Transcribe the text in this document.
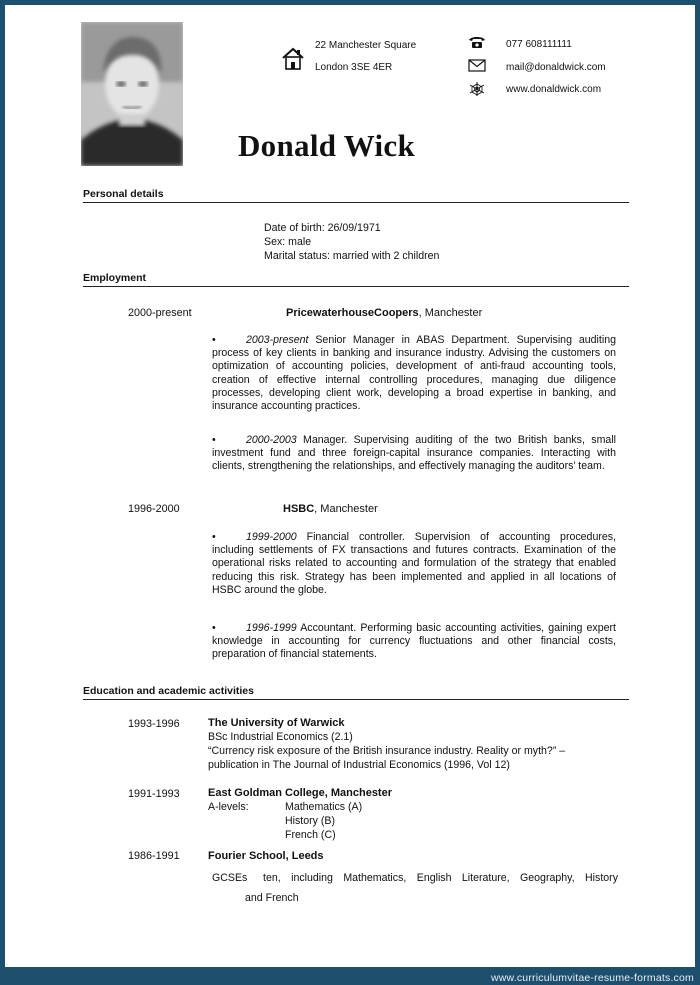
22 Manchester Square
London 3SE 4ER
077 608111111
mail@donaldwick.com
www.donaldwick.com
Donald Wick
Personal details
Date of birth: 26/09/1971
Sex: male
Marital status: married with 2 children
Employment
2000-present	PricewaterhouseCoopers, Manchester
•	2003-present Senior Manager in ABAS Department. Supervising auditing process of key clients in banking and insurance industry. Advising the customers on optimization of accounting policies, development of anti-fraud accounting tools, creation of effective internal controlling procedures, managing due diligence processes, developing client work, developing a broad expertise in banking, and insurance accounting practices.
•	2000-2003 Manager. Supervising auditing of the two British banks, small investment fund and three foreign-capital insurance companies. Interacting with clients, strengthening the relationships, and effectively managing the auditors’ team.
1996-2000	HSBC, Manchester
•	1999-2000 Financial controller. Supervision of accounting procedures, including settlements of FX transactions and futures contracts. Examination of the operational risks related to accounting and formulation of the strategy that enabled reducing this risk. Strategy has been implemented and applied in all locations of HSBC around the globe.
•	1996-1999 Accountant. Performing basic accounting activities, gaining expert knowledge in accounting for currency fluctuations and other financial costs, preparation of financial statements.
Education and academic activities
1993-1996	The University of Warwick
BSc Industrial Economics (2.1)
“Currency risk exposure of the British insurance industry. Reality or myth?” –
publication in The Journal of Industrial Economics (1996, Vol 12)
1991-1993	East Goldman College, Manchester
A-levels:	Mathematics (A)
History (B)
French (C)
1986-1991	Fourier School, Leeds
GCSEs ten, including Mathematics, English Literature, Geography, History
and French
www.curriculumvitae-resume-formats.com
